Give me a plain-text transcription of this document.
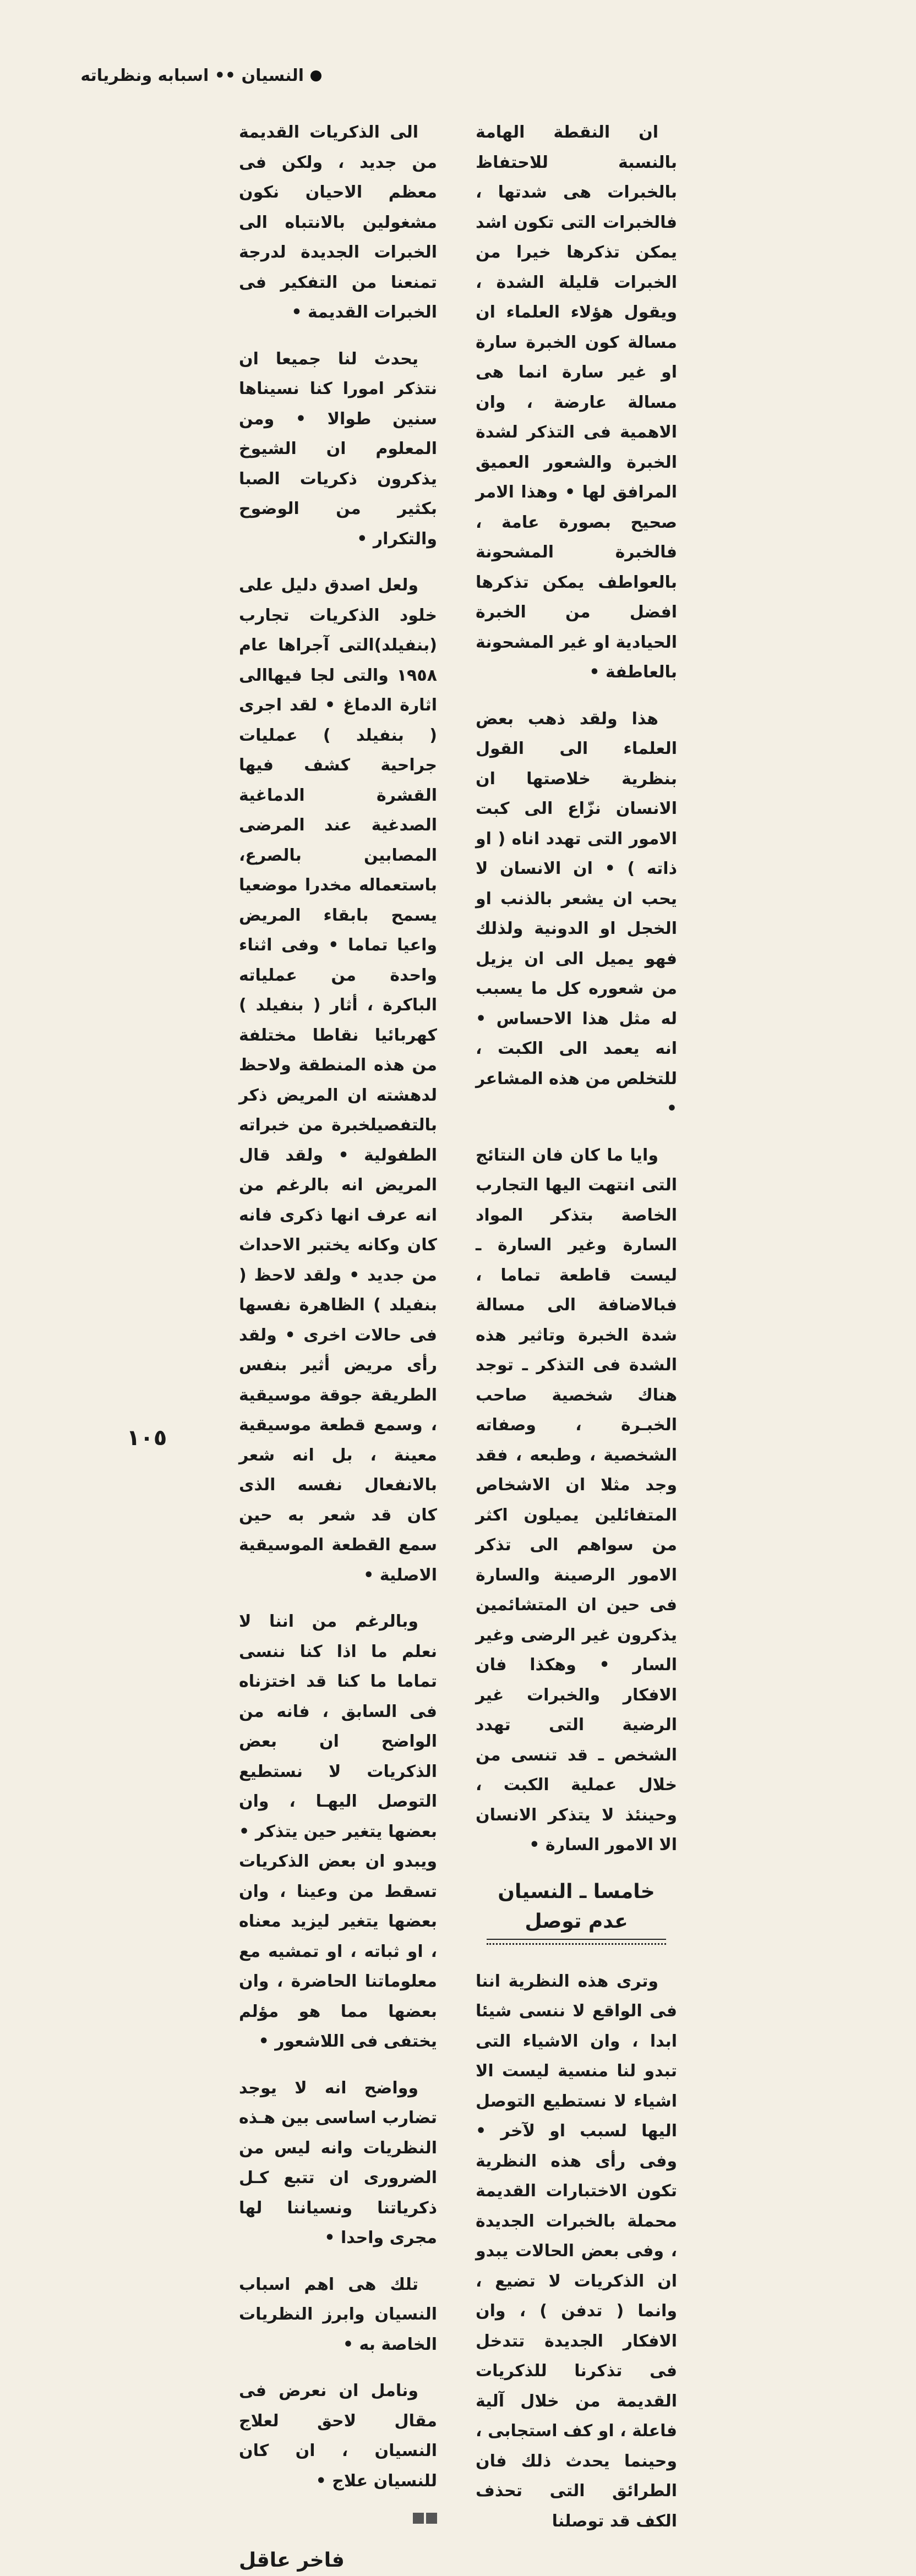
النسيان •• اسبابه ونظرياته

ان النقطة الهامة بالنسبة للاحتفاظ بالخبرات هى شدتها ، فالخبرات التى تكون اشد يمكن تذكرها خيرا من الخبرات قليلة الشدة ، ويقول هؤلاء العلماء ان مسالة كون الخبرة سارة او غير سارة انما هى مسالة عارضة ، وان الاهمية فى التذكر لشدة الخبرة والشعور العميق المرافق لها • وهذا الامر صحيح بصورة عامة ، فالخبرة المشحونة بالعواطف يمكن تذكرها افضل من الخبرة الحيادية او غير المشحونة بالعاطفة •

هذا ولقد ذهب بعض العلماء الى القول بنظرية خلاصتها ان الانسان نزّاع الى كبت الامور التى تهدد اناه ( او ذاته ) • ان الانسان لا يحب ان يشعر بالذنب او الخجل او الدونية ولذلك فهو يميل الى ان يزيل من شعوره كل ما يسبب له مثل هذا الاحساس • انه يعمد الى الكبت ، للتخلص من هذه المشاعر •

وايا ما كان فان النتائج التى انتهت اليها التجارب الخاصة بتذكر المواد السارة وغير السارة ـ ليست قاطعة تماما ، فبالاضافة الى مسالة شدة الخبرة وتاثير هذه الشدة فى التذكر ـ توجد هناك شخصية صاحب الخبـرة ، وصفاته الشخصية ، وطبعه ، فقد وجد مثلا ان الاشخاص المتفائلين يميلون اكثر من سواهم الى تذكر الامور الرصينة والسارة فى حين ان المتشائمين يذكرون غير الرضى وغير السار • وهكذا فان الافكار والخبرات غير الرضية التى تهدد الشخص ـ قد تنسى من خلال عملية الكبت ، وحينئذ لا يتذكر الانسان الا الامور السارة •

خامسا ـ النسيان عدم توصل

وترى هذه النظرية اننا فى الواقع لا ننسى شيئا ابدا ، وان الاشياء التى تبدو لنا منسية ليست الا اشياء لا نستطيع التوصل اليها لسبب او لآخر • وفى رأى هذه النظرية تكون الاختبارات القديمة محملة بالخبرات الجديدة ، وفى بعض الحالات يبدو ان الذكريات لا تضيع ، وانما ( تدفن ) ، وان الافكار الجديدة تتدخل فى تذكرنا للذكريات القديمة من خلال آلية فاعلة ، او كف استجابى ، وحينما يحدث ذلك فان الطرائق التى تحذف الكف قد توصلنا

الى الذكريات القديمة من جديد ، ولكن فى معظم الاحيان نكون مشغولين بالانتباه الى الخبرات الجديدة لدرجة تمنعنا من التفكير فى الخبرات القديمة •

يحدث لنا جميعا ان نتذكر امورا كنا نسيناها سنين طوالا • ومن المعلوم ان الشيوخ يذكرون ذكريات الصبا بكثير من الوضوح والتكرار •

ولعل اصدق دليل على خلود الذكريات تجارب (بنفيلد)التى آجراها عام ١٩٥٨ والتى لجا فيهاالى اثارة الدماغ • لقد اجرى ( بنفيلد ) عمليات جراحية كشف فيها القشرة الدماغية الصدغية عند المرضى المصابين بالصرع، باستعماله مخدرا موضعيا يسمح بابقاء المريض واعيا تماما • وفى اثناء واحدة من عملياته الباكرة ، أثار ( بنفيلد ) كهربائيا نقاطا مختلفة من هذه المنطقة ولاحظ لدهشته ان المريض ذكر بالتفصيلخبرة من خبراته الطفولية • ولقد قال المريض انه بالرغم من انه عرف انها ذكرى فانه كان وكانه يختبر الاحداث من جديد • ولقد لاحظ ( بنفيلد ) الظاهرة نفسها فى حالات اخرى • ولقد رأى مريض أثير بنفس الطريقة جوقة موسيقية ، وسمع قطعة موسيقية معينة ، بل انه شعر بالانفعال نفسه الذى كان قد شعر به حين سمع القطعة الموسيقية الاصلية •

وبالرغم من اننا لا نعلم ما اذا كنا ننسى تماما ما كنا قد اختزناه فى السابق ، فانه من الواضح ان بعض الذكريات لا نستطيع التوصل اليهـا ، وان بعضها يتغير حين يتذكر • ويبدو ان بعض الذكريات تسقط من وعينا ، وان بعضها يتغير ليزيد معناه ، او ثباته ، او تمشيه مع معلوماتنا الحاضرة ، وان بعضها مما هو مؤلم يختفى فى اللاشعور •

وواضح انه لا يوجد تضارب اساسى بين هـذه النظريات وانه ليس من الضرورى ان تتبع كـل ذكرياتنا ونسياننا لها مجرى واحدا •

تلك هى اهم اسباب النسيان وابرز النظريات الخاصة به •

ونامل ان نعرض فى مقال لاحق لعلاج النسيان ، ان كان للنسيان علاج •

فاخر عاقل
١٠٥
